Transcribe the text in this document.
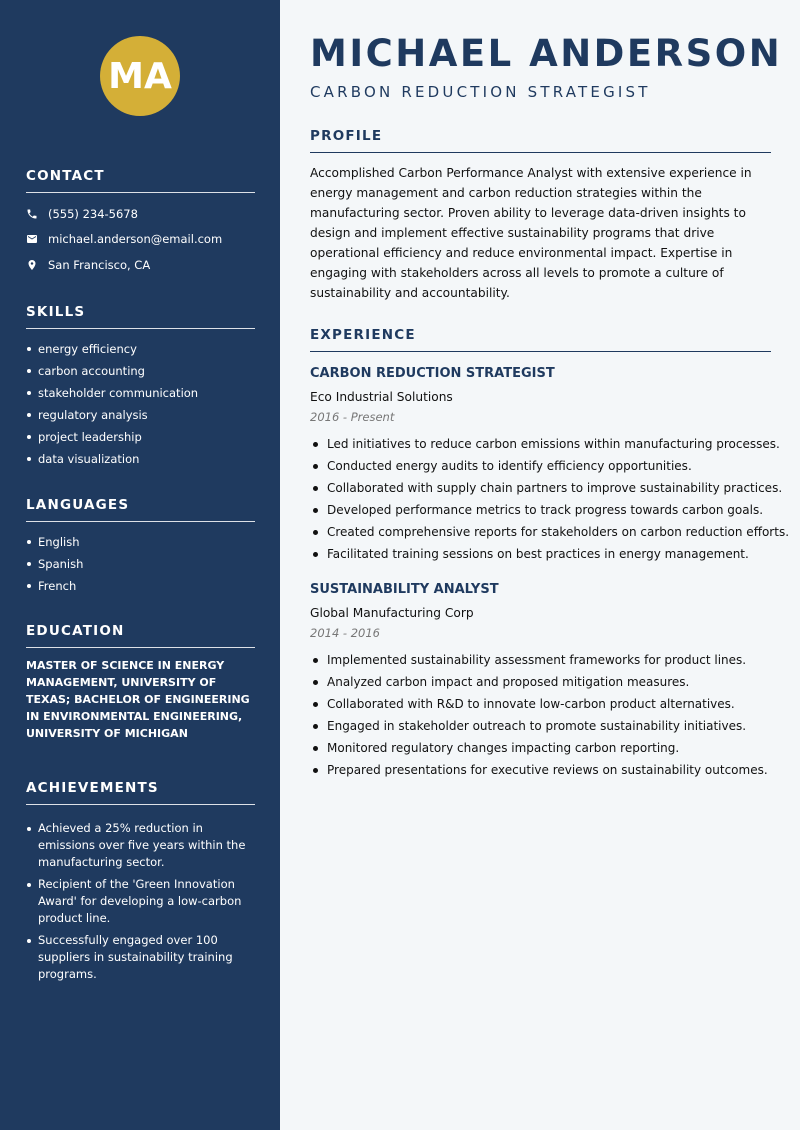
MA
CONTACT
(555) 234-5678
michael.anderson@email.com
San Francisco, CA
SKILLS
energy efficiency
carbon accounting
stakeholder communication
regulatory analysis
project leadership
data visualization
LANGUAGES
English
Spanish
French
EDUCATION

MASTER OF SCIENCE IN ENERGY MANAGEMENT, UNIVERSITY OF TEXAS; BACHELOR OF ENGINEERING IN ENVIRONMENTAL ENGINEERING, UNIVERSITY OF MICHIGAN

ACHIEVEMENTS
Achieved a 25% reduction in emissions over five years within the manufacturing sector.
Recipient of the 'Green Innovation Award' for developing a low-carbon product line.
Successfully engaged over 100 suppliers in sustainability training programs.
MICHAEL ANDERSON
CARBON REDUCTION STRATEGIST
PROFILE

Accomplished Carbon Performance Analyst with extensive experience in energy management and carbon reduction strategies within the manufacturing sector. Proven ability to leverage data-driven insights to design and implement effective sustainability programs that drive operational efficiency and reduce environmental impact. Expertise in engaging with stakeholders across all levels to promote a culture of sustainability and accountability.

EXPERIENCE
CARBON REDUCTION STRATEGIST
Eco Industrial Solutions
2016 - Present
Led initiatives to reduce carbon emissions within manufacturing processes.
Conducted energy audits to identify efficiency opportunities.
Collaborated with supply chain partners to improve sustainability practices.
Developed performance metrics to track progress towards carbon goals.
Created comprehensive reports for stakeholders on carbon reduction efforts.
Facilitated training sessions on best practices in energy management.
SUSTAINABILITY ANALYST
Global Manufacturing Corp
2014 - 2016
Implemented sustainability assessment frameworks for product lines.
Analyzed carbon impact and proposed mitigation measures.
Collaborated with R&D to innovate low-carbon product alternatives.
Engaged in stakeholder outreach to promote sustainability initiatives.
Monitored regulatory changes impacting carbon reporting.
Prepared presentations for executive reviews on sustainability outcomes.
